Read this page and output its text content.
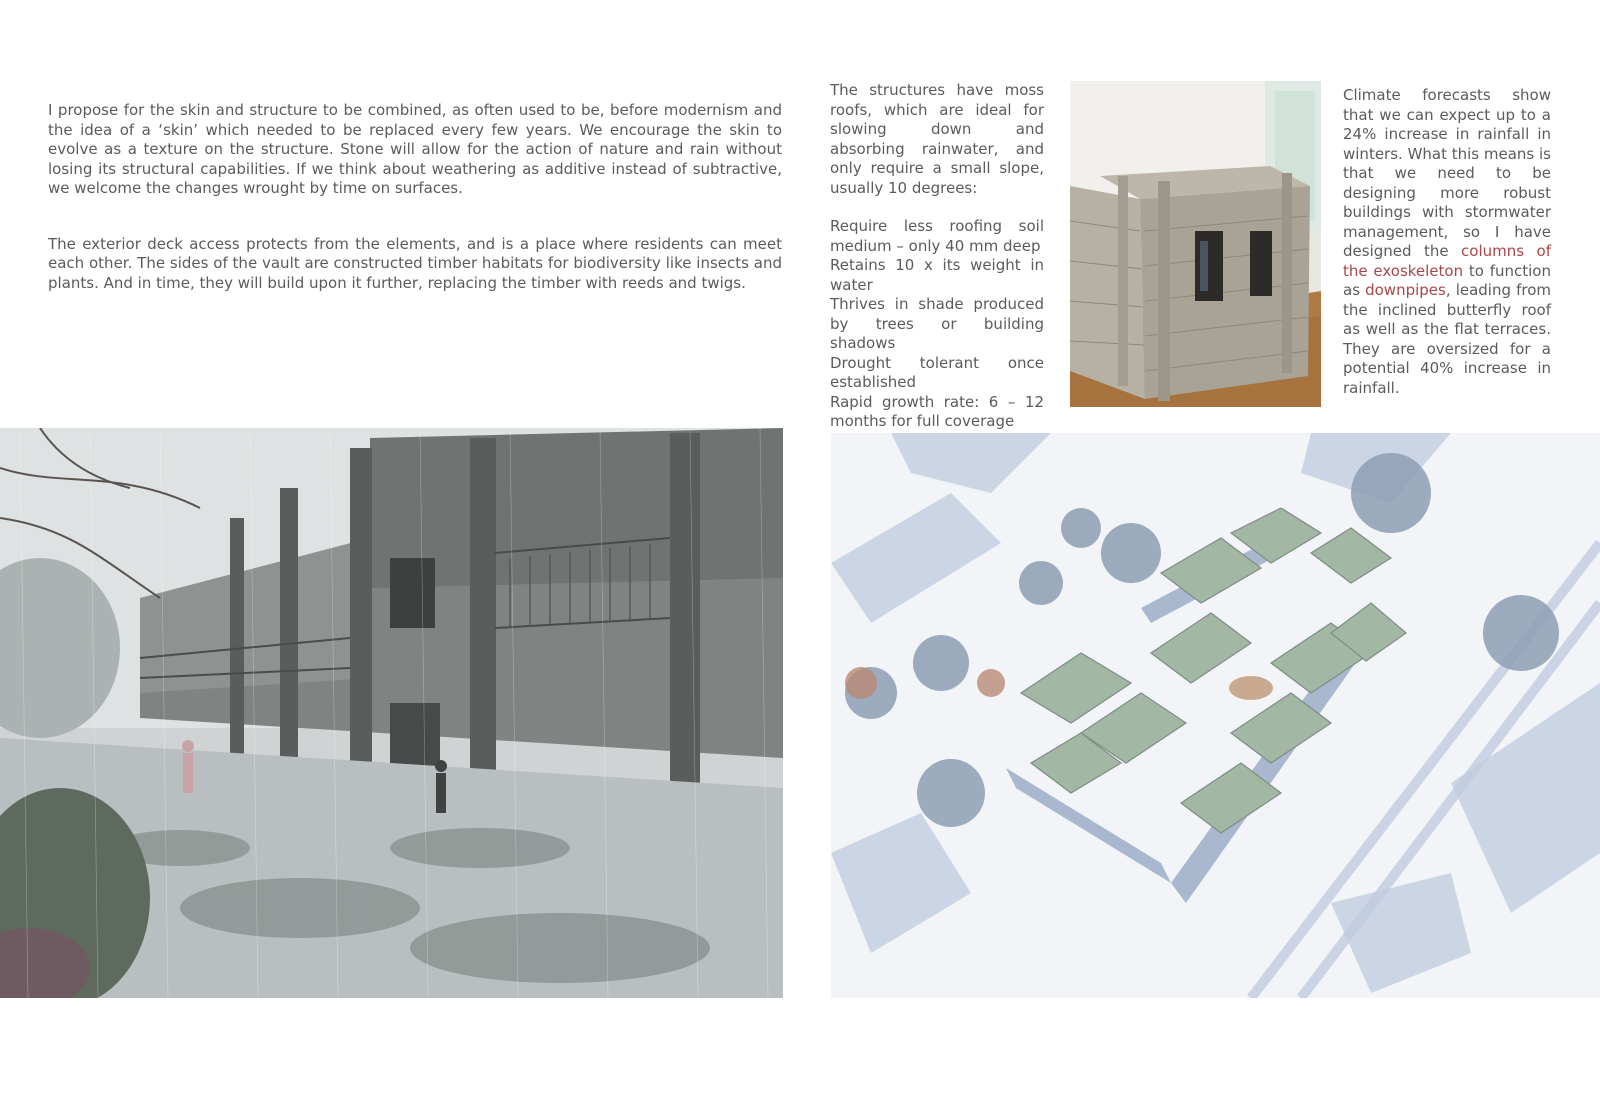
I propose for the skin and structure to be combined, as often used to be, before modernism and the idea of a ‘skin’ which needed to be replaced every few years. We encourage the skin to evolve as a texture on the structure. Stone will allow for the action of nature and rain without losing its structural capabilities. If we think about weathering as additive instead of subtractive, we welcome the changes wrought by time on surfaces.
The exterior deck access protects from the elements, and is a place where residents can meet each other. The sides of the vault are constructed timber habitats for biodiversity like insects and plants. And in time, they will build upon it further, replacing the timber with reeds and twigs.
The structures have moss roofs, which are ideal for slowing down and absorbing rainwater, and only require a small slope, usually 10 degrees:
Require less roofing soil medium – only 40 mm deep
Retains 10 x its weight in water
Thrives in shade produced by trees or building shadows
Drought tolerant once established
Rapid growth rate: 6 – 12 months for full coverage
Climate forecasts show that we can expect up to a 24% increase in rainfall in winters. What this means is that we need to be designing more robust buildings with stormwater management, so I have designed the columns of the exoskeleton to function as downpipes, leading from the inclined butterfly roof as well as the flat terraces. They are oversized for a potential 40% increase in rainfall.
